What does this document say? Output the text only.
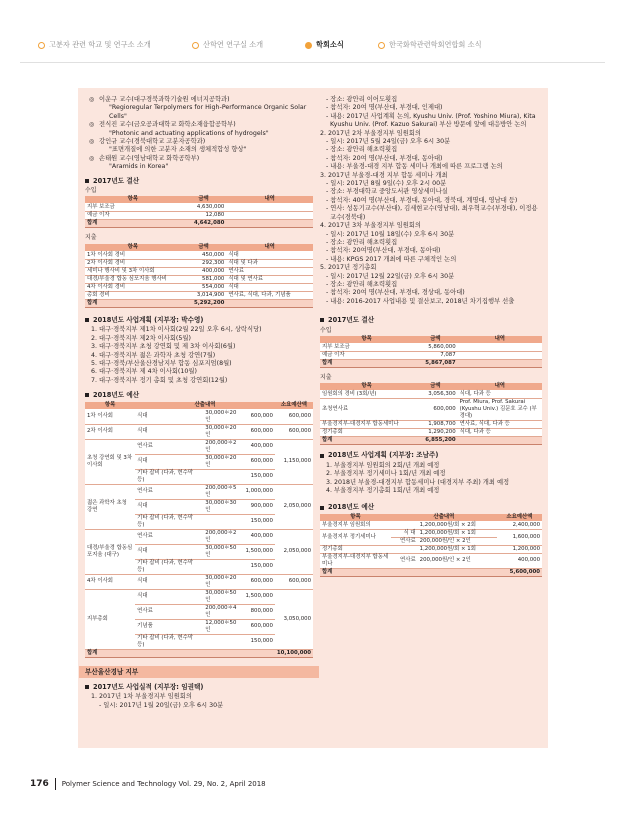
고분자 관련 학교 및 연구소 소개	산학연 연구실 소개	학회소식	한국화학관련학회연합회 소식
◎ 이운구 교수(대구경북과학기술원 에너지공학과)
"Regioregular Terpolymers for High-Performance Organic Solar Cells"
◎ 전식진 교수(금오공과대학교 화학소재융합공학부)
"Photonic and actuating applications of hydrogels"
◎ 강인규 교수(경북대학교 고분자공학과)
"표면개질에 의한 고분자 소재의 생체적합성 향상"
◎ 손태원 교수(영남대학교 화학공학부)
"Aramids in Korea"
2017년도 결산
수입
항목	금액	내역
지부 보조금	4,630,000	
예금 이자	12,080	
합계	4,642,080	
지출
항목	금액	내역
1차 이사회 경비	450,000	식대
2차 이사회 경비	292,300	식대 및 다과
세미나 행사비 및 3차 이사회	400,000	연사료
대경/부울경 합동 심포지움 행사비	581,000	식대 및 연사료
4차 이사회 경비	554,000	식대
총회 경비	3,014,900	연사료, 식대, 다과, 기념품
합계	5,292,200	
2018년도 사업계획 (지부장: 박수영)
1. 대구·경북지부 제1차 이사회(2월 22일 오후 6시, 상락식당)
2. 대구·경북지부 제2차 이사회(5월)
3. 대구·경북지부 초청 강연회 및 제 3차 이사회(6월)
4. 대구·경북지부 젊은 과학자 초청 강연(7월)
5. 대구·경북/부산울산경남지부 합동 심포지엄(8월)
6. 대구·경북지부 제 4차 이사회(10월)
7. 대구·경북지부 정기 총회 및 초청 강연회(12월)
2018년도 예산
항목	산출내역			소요예산액
1차 이사회	식대	30,000＊20인	600,000	600,000
2차 이사회	식대	30,000＊20인	600,000	600,000
초청 강연회 및 3차 이사회	연사료	200,000＊2인	400,000	1,150,000
	식대	30,000＊20인	600,000	
	기타 잡비 (다과, 현수막 등)		150,000	
젊은 과학자 초청 강연	연사료	200,000＊5인	1,000,000	2,050,000
	식대	30,000＊30인	900,000	
	기타 잡비 (다과, 현수막 등)		150,000	
대경/부울경 합동심포지움 (대구)	연사료	200,000＊2인	400,000	2,050,000
	식대	30,000＊50인	1,500,000	
	기타 잡비 (다과, 현수막 등)		150,000	
4차 이사회	식대	30,000＊20인	600,000	600,000
지부총회	식대	30,000＊50인	1,500,000	3,050,000
	연사료	200,000＊4인	800,000	
	기념품	12,000＊50인	600,000	
	기타 잡비 (다과, 현수막 등)		150,000	
합계				10,100,000
부산울산경남 지부
2017년도 사업실적 (지부장: 임권택)
1. 2017년 1차 부울경지부 임원회의
- 일시: 2017년 1월 20일(금) 오후 6시 30분
- 장소: 광안리 이어도횟집
- 참석자: 20여 명(부산대, 부경대, 인제대)
- 내용: 2017년 사업계획 논의, Kyushu Univ. (Prof. Yoshino Miura), Kita Kyushu Univ. (Prof. Kazuo Sakurai) 부산 방문에 앞에 대응방안 논의
2. 2017년 2차 부울경지부 임원회의
- 일시: 2017년 5월 24일(금) 오후 6시 30분
- 장소: 광안리 해초력횟집
- 참석자: 20여 명(부산대, 부경대, 동아대)
- 내용: 부울경-대경 지부 합동 세미나 개최에 따른 프로그램 논의
3. 2017년 부울경-대경 지부 합동 세미나 개최
- 일시: 2017년 8월 9일(수) 오후 2시 00분
- 장소: 부경대학교 중앙도서관 영상세미나실
- 참석자: 40여 명(부산대, 부경대, 동아대, 경북대, 계명대, 영남대 등)
- 연사: 성동기교수(부산대), 김세현교수(영남대), 최우혁교수(부경대), 이정용교수(경북대)
4. 2017년 3차 부울경지부 임원회의
- 일시: 2017년 10월 18일(수) 오후 6시 30분
- 장소: 광안리 해초력횟집
- 참석자: 20여명(부산대, 부경대, 동아대)
- 내용: KPGS 2017 개최에 따른 구체적인 논의
5. 2017년 정기총회
- 일시: 2017년 12월 22일(금) 오후 6시 30분
- 장소: 광안리 해초력횟집
- 참석자: 20여 명(부산대, 부경대, 경상대, 동아대)
- 내용: 2016-2017 사업내용 및 결산보고, 2018년 차기집행부 선출
2017년도 결산
수입
항목	금액	내역
지부 보조금	5,860,000	
예금 이자	7,087	
합계	5,867,087	
지출
항목	금액	내역
임원회의 경비 (3회/년)	3,056,300	식대, 다과 등
초청연사료	600,000	Prof. Miura, Prof. Sakurai (Kyushu Univ.) 김문호 교수 (부경대)
부울경지부-대경지부 합동세미나	1,908,700	연사료, 식대, 다과 등
정기총회	1,290,200	식대, 다과 등
합계	6,855,200	
2018년도 사업계획 (지부장: 조남주)
1. 부울경지부 임원회의 2회/년 개최 예정
2. 부울경지부 정기세미나 1회/년 개최 예정
3. 2018년 부울경-대경지부 합동세미나 (대경지부 주최) 개최 예정
4. 부울경지부 정기총회 1회/년 개최 예정
2018년도 예산
항목	산출내역		소요예산액
부울경지부 임원회의		1,200,000원/회 × 2회	2,400,000
부울경지부 정기세미나	식 대	1,200,000원/회 × 1회	1,600,000
	연사료	200,000원/인 × 2인	
정기총회		1,200,000원/회 × 1회	1,200,000
부울경지부-대경지부 합동세미나	연사료	200,000원/인 × 2인	400,000
합계			5,600,000
176 Polymer Science and Technology Vol. 29, No. 2, April 2018
